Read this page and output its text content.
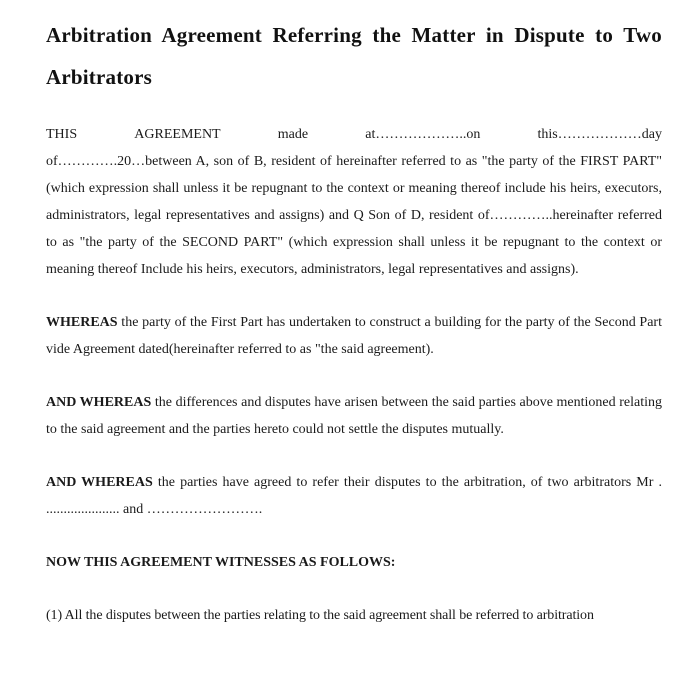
Arbitration Agreement Referring the Matter in Dispute to Two Arbitrators
THIS	AGREEMENT	made	at………………..on	this………………day
of………….20…between A, son of B, resident of hereinafter referred to as "the party of the FIRST PART" (which expression shall unless it be repugnant to the context or meaning thereof include his heirs, executors, administrators, legal representatives and assigns) and Q Son of D, resident of…………..hereinafter referred to as "the party of the SECOND PART" (which expression shall unless it be repugnant to the context or meaning thereof Include his heirs, executors, administrators, legal representatives and assigns).

WHEREAS the party of the First Part has undertaken to construct a building for the party of the Second Part vide Agreement dated(hereinafter referred to as "the said agreement).

AND WHEREAS the differences and disputes have arisen between the said parties above mentioned relating to the said agreement and the parties hereto could not settle the disputes mutually.

AND WHEREAS the parties have agreed to refer their disputes to the arbitration, of two arbitrators Mr . ..................... and …………………….

NOW THIS AGREEMENT WITNESSES AS FOLLOWS:

(1) All the disputes between the parties relating to the said agreement shall be referred to arbitration
